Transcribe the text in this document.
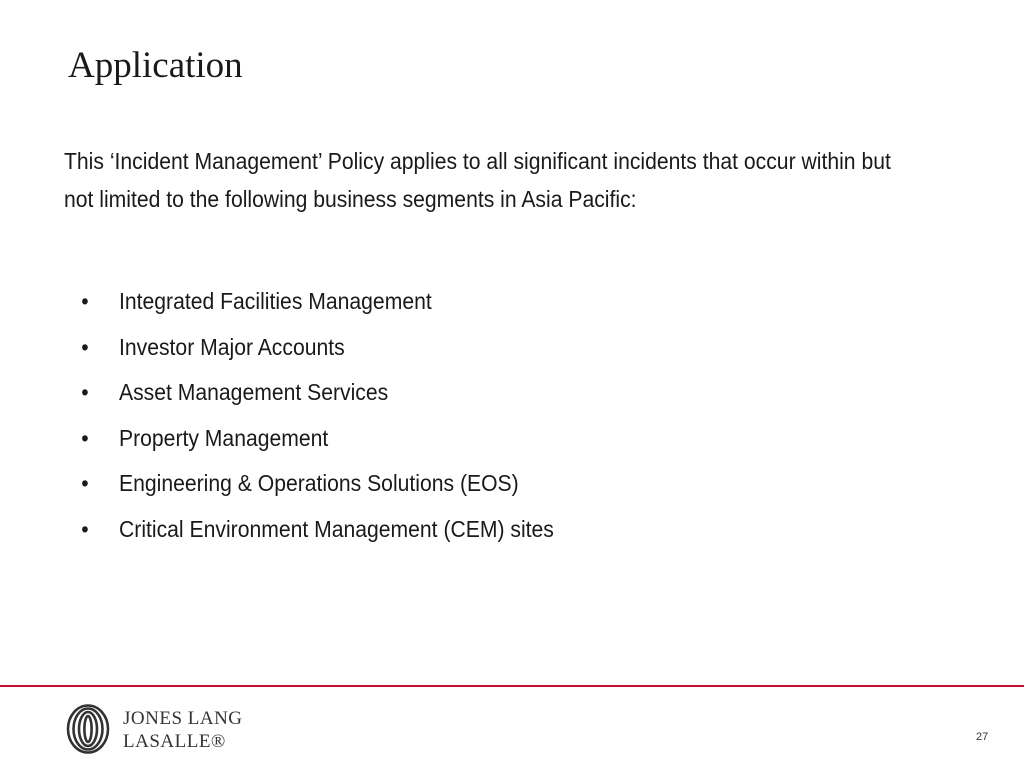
Application

This ‘Incident Management’ Policy applies to all significant incidents that occur within but not limited to the following business segments in Asia Pacific:

• Integrated Facilities Management
• Investor Major Accounts
• Asset Management Services
• Property Management
• Engineering & Operations Solutions (EOS)
• Critical Environment Management (CEM) sites
JONES LANG
LASALLE®	27
